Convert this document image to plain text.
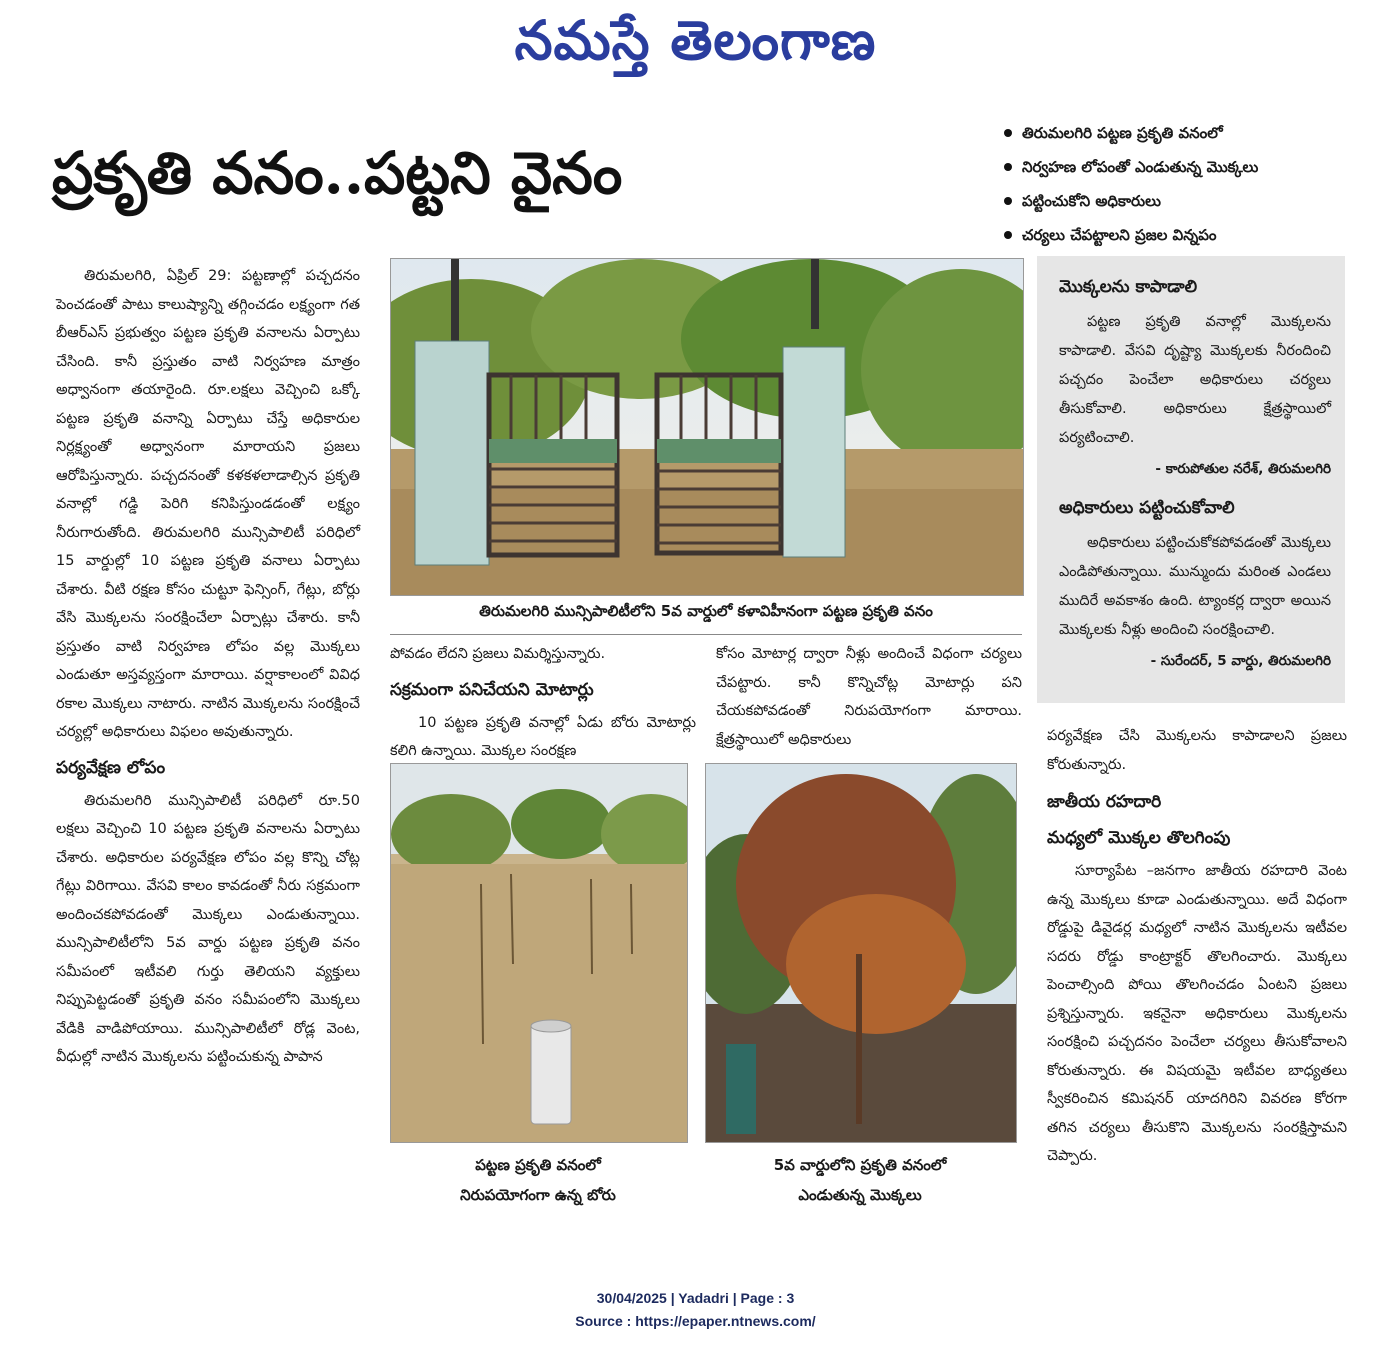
నమస్తే తెలంగాణ
ప్రకృతి వనం..పట్టని వైనం
తిరుమలగిరి పట్టణ ప్రకృతి వనంలో
నిర్వహణ లోపంతో ఎండుతున్న మొక్కలు
పట్టించుకోని అధికారులు
చర్యలు చేపట్టాలని ప్రజల విన్నపం

తిరుమలగిరి, ఏప్రిల్ 29: పట్టణాల్లో పచ్చదనం పెంచడంతో పాటు కాలుష్యాన్ని తగ్గించడం లక్ష్యంగా గత బీఆర్ఎస్ ప్రభుత్వం పట్టణ ప్రకృతి వనాలను ఏర్పాటు చేసింది. కానీ ప్రస్తుతం వాటి నిర్వహణ మాత్రం అధ్వానంగా తయారైంది. రూ.లక్షలు వెచ్చించి ఒక్కో పట్టణ ప్రకృతి వనాన్ని ఏర్పాటు చేస్తే అధికారుల నిర్లక్ష్యంతో అధ్వానంగా మారాయని ప్రజలు ఆరోపిస్తున్నారు. పచ్చదనంతో కళకళలాడాల్సిన ప్రకృతి వనాల్లో గడ్డి పెరిగి కనిపిస్తుండడంతో లక్ష్యం నీరుగారుతోంది. తిరుమలగిరి మున్సిపాలిటీ పరిధిలో 15 వార్డుల్లో 10 పట్టణ ప్రకృతి వనాలు ఏర్పాటు చేశారు. వీటి రక్షణ కోసం చుట్టూ ఫెన్సింగ్, గేట్లు, బోర్లు వేసి మొక్కలను సంరక్షించేలా ఏర్పాట్లు చేశారు. కానీ ప్రస్తుతం వాటి నిర్వహణ లోపం వల్ల మొక్కలు ఎండుతూ అస్తవ్యస్తంగా మారాయి. వర్షాకాలంలో వివిధ రకాల మొక్కలు నాటారు. నాటిన మొక్కలను సంరక్షించే చర్యల్లో అధికారులు విఫలం అవుతున్నారు.

పర్యవేక్షణ లోపం

తిరుమలగిరి మున్సిపాలిటీ పరిధిలో రూ.50 లక్షలు వెచ్చించి 10 పట్టణ ప్రకృతి వనాలను ఏర్పాటు చేశారు. అధికారుల పర్యవేక్షణ లోపం వల్ల కొన్ని చోట్ల గేట్లు విరిగాయి. వేసవి కాలం కావడంతో నీరు సక్రమంగా అందించకపోవడంతో మొక్కలు ఎండుతున్నాయి. మున్సిపాలిటీలోని 5వ వార్డు పట్టణ ప్రకృతి వనం సమీపంలో ఇటీవలి గుర్తు తెలియని వ్యక్తులు నిప్పుపెట్టడంతో ప్రకృతి వనం సమీపంలోని మొక్కలు వేడికి వాడిపోయాయి. మున్సిపాలిటీలో రోడ్ల వెంట, వీధుల్లో నాటిన మొక్కలను పట్టించుకున్న పాపాన

తిరుమలగిరి మున్సిపాలిటీలోని 5వ వార్డులో కళావిహీనంగా పట్టణ ప్రకృతి వనం

పోవడం లేదని ప్రజలు విమర్శిస్తున్నారు.

సక్రమంగా పనిచేయని మోటార్లు

10 పట్టణ ప్రకృతి వనాల్లో ఏడు బోరు మోటార్లు కలిగి ఉన్నాయి. మొక్కల సంరక్షణ

కోసం మోటార్ల ద్వారా నీళ్లు అందించే విధంగా చర్యలు చేపట్టారు. కానీ కొన్నిచోట్ల మోటార్లు పని చేయకపోవడంతో నిరుపయోగంగా మారాయి. క్షేత్రస్థాయిలో అధికారులు

పట్టణ ప్రకృతి వనంలో
నిరుపయోగంగా ఉన్న బోరు
5వ వార్డులోని ప్రకృతి వనంలో
ఎండుతున్న మొక్కలు
మొక్కలను కాపాడాలి

పట్టణ ప్రకృతి వనాల్లో మొక్కలను కాపాడాలి. వేసవి దృష్ట్యా మొక్కలకు నీరందించి పచ్చదం పెంచేలా అధికారులు చర్యలు తీసుకోవాలి. అధికారులు క్షేత్రస్థాయిలో పర్యటించాలి.

- కారుపోతుల నరేశ్, తిరుమలగిరి
అధికారులు పట్టించుకోవాలి

అధికారులు పట్టించుకోకపోవడంతో మొక్కలు ఎండిపోతున్నాయి. మున్ముందు మరింత ఎండలు ముదిరే అవకాశం ఉంది. ట్యాంకర్ల ద్వారా అయిన మొక్కలకు నీళ్లు అందించి సంరక్షించాలి.

- సురేందర్, 5 వార్డు, తిరుమలగిరి

పర్యవేక్షణ చేసి మొక్కలను కాపాడాలని ప్రజలు కోరుతున్నారు.

జాతీయ రహదారి
మధ్యలో మొక్కల తొలగింపు

సూర్యాపేట –జనగాం జాతీయ రహదారి వెంట ఉన్న మొక్కలు కూడా ఎండుతున్నాయి. అదే విధంగా రోడ్డుపై డివైడర్ల మధ్యలో నాటిన మొక్కలను ఇటీవల సదరు రోడ్డు కాంట్రాక్టర్ తొలగించారు. మొక్కలు పెంచాల్సింది పోయి తొలగించడం ఏంటని ప్రజలు ప్రశ్నిస్తున్నారు. ఇకనైనా అధికారులు మొక్కలను సంరక్షించి పచ్చదనం పెంచేలా చర్యలు తీసుకోవాలని కోరుతున్నారు. ఈ విషయమై ఇటీవల బాధ్యతలు స్వీకరించిన కమిషనర్ యాదగిరిని వివరణ కోరగా తగిన చర్యలు తీసుకొని మొక్కలను సంరక్షిస్తామని చెప్పారు.

30/04/2025 | Yadadri | Page : 3
Source : https://epaper.ntnews.com/
